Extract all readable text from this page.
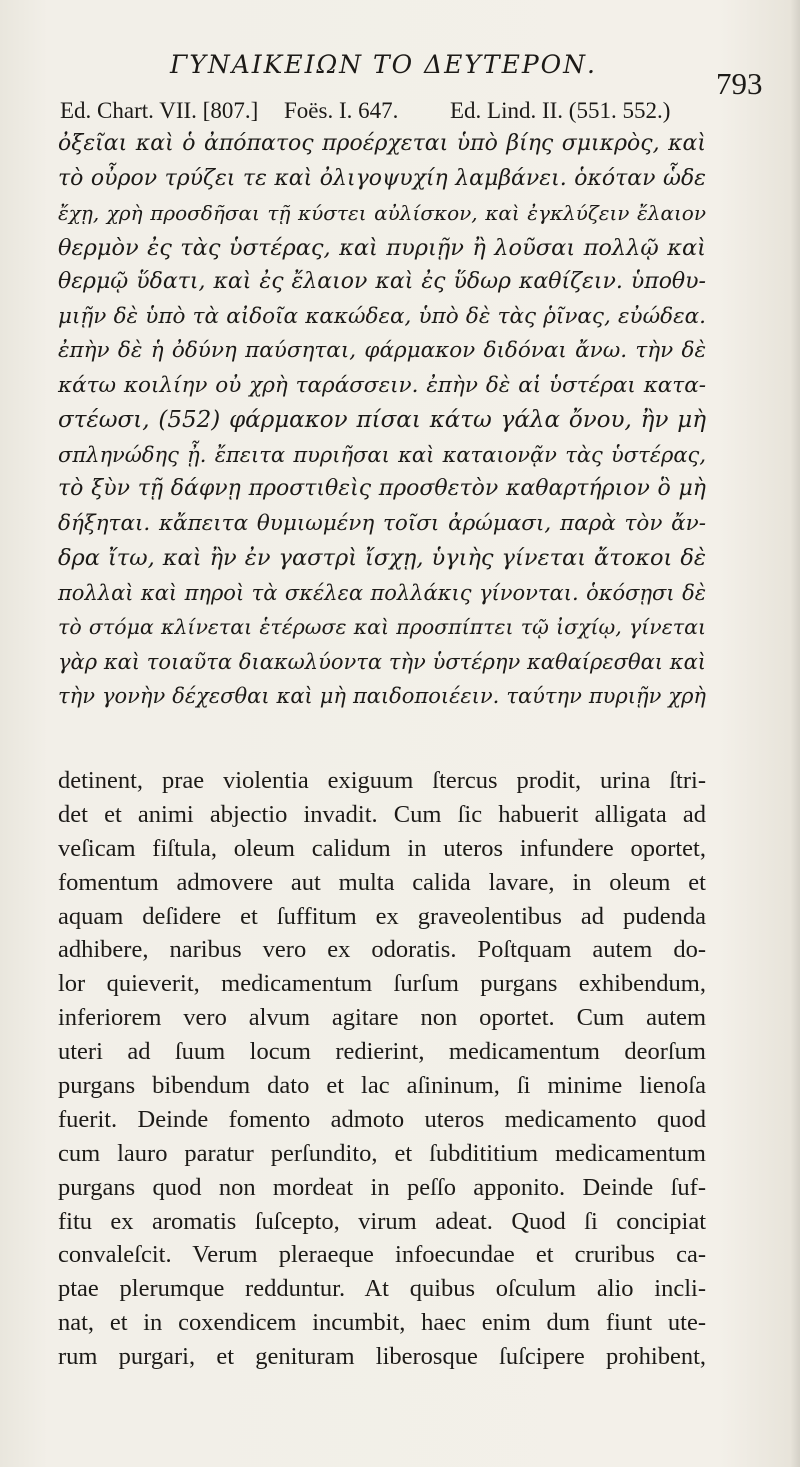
ΓΥΝΑΙΚΕΙΩΝ ΤΟ ΔΕΥΤΕΡΟΝ.
793
Ed. Chart. VII. [807.] Foës. I. 647. Ed. Lind. II. (551. 552.)
ὀξεῖαι καὶ ὁ ἀπόπατος προέρχεται ὑπὸ βίης σμικρὸς, καὶ
τὸ οὖρον τρύζει τε καὶ ὀλιγοψυχίη λαμβάνει. ὁκόταν ὧδε
ἔχῃ, χρὴ προσδῆσαι τῇ κύστει αὐλίσκον, καὶ ἐγκλύζειν ἔλαιον
θερμὸν ἐς τὰς ὑστέρας, καὶ πυριῇν ἢ λοῦσαι πολλῷ καὶ
θερμῷ ὕδατι, καὶ ἐς ἔλαιον καὶ ἐς ὕδωρ καθίζειν. ὑποθυ-
μιῇν δὲ ὑπὸ τὰ αἰδοῖα κακώδεα, ὑπὸ δὲ τὰς ῥῖνας, εὐώδεα.
ἐπὴν δὲ ἡ ὀδύνη παύσηται, φάρμακον διδόναι ἄνω. τὴν δὲ
κάτω κοιλίην οὐ χρὴ ταράσσειν. ἐπὴν δὲ αἱ ὑστέραι κατα-
στέωσι, (552) φάρμακον πίσαι κάτω γάλα ὄνου, ἢν μὴ
σπληνώδης ᾖ. ἔπειτα πυριῆσαι καὶ καταιονᾷν τὰς ὑστέρας,
τὸ ξὺν τῇ δάφνῃ προστιθεὶς προσθετὸν καθαρτήριον ὃ μὴ
δήξηται. κἄπειτα θυμιωμένη τοῖσι ἀρώμασι, παρὰ τὸν ἄν-
δρα ἴτω, καὶ ἢν ἐν γαστρὶ ἴσχῃ, ὑγιὴς γίνεται ἄτοκοι δὲ
πολλαὶ καὶ πηροὶ τὰ σκέλεα πολλάκις γίνονται. ὁκόσῃσι δὲ
τὸ στόμα κλίνεται ἑτέρωσε καὶ προσπίπτει τῷ ἰσχίῳ, γίνεται
γὰρ καὶ τοιαῦτα διακωλύοντα τὴν ὑστέρην καθαίρεσθαι καὶ
τὴν γονὴν δέχεσθαι καὶ μὴ παιδοποιέειν. ταύτην πυριῇν χρὴ
detinent, prae violentia exiguum ſtercus prodit, urina ſtri-
det et animi abjectio invadit. Cum ſic habuerit alligata ad
veſicam fiſtula, oleum calidum in uteros infundere oportet,
fomentum admovere aut multa calida lavare, in oleum et
aquam deſidere et ſuffitum ex graveolentibus ad pudenda
adhibere, naribus vero ex odoratis. Poſtquam autem do-
lor quieverit, medicamentum ſurſum purgans exhibendum,
inferiorem vero alvum agitare non oportet. Cum autem
uteri ad ſuum locum redierint, medicamentum deorſum
purgans bibendum dato et lac aſininum, ſi minime lienoſa
fuerit. Deinde fomento admoto uteros medicamento quod
cum lauro paratur perſundito, et ſubdititium medicamentum
purgans quod non mordeat in peſſo apponito. Deinde ſuf-
fitu ex aromatis ſuſcepto, virum adeat. Quod ſi concipiat
convaleſcit. Verum pleraeque infoecundae et cruribus ca-
ptae plerumque redduntur. At quibus oſculum alio incli-
nat, et in coxendicem incumbit, haec enim dum fiunt ute-
rum purgari, et genituram liberosque ſuſcipere prohibent,
